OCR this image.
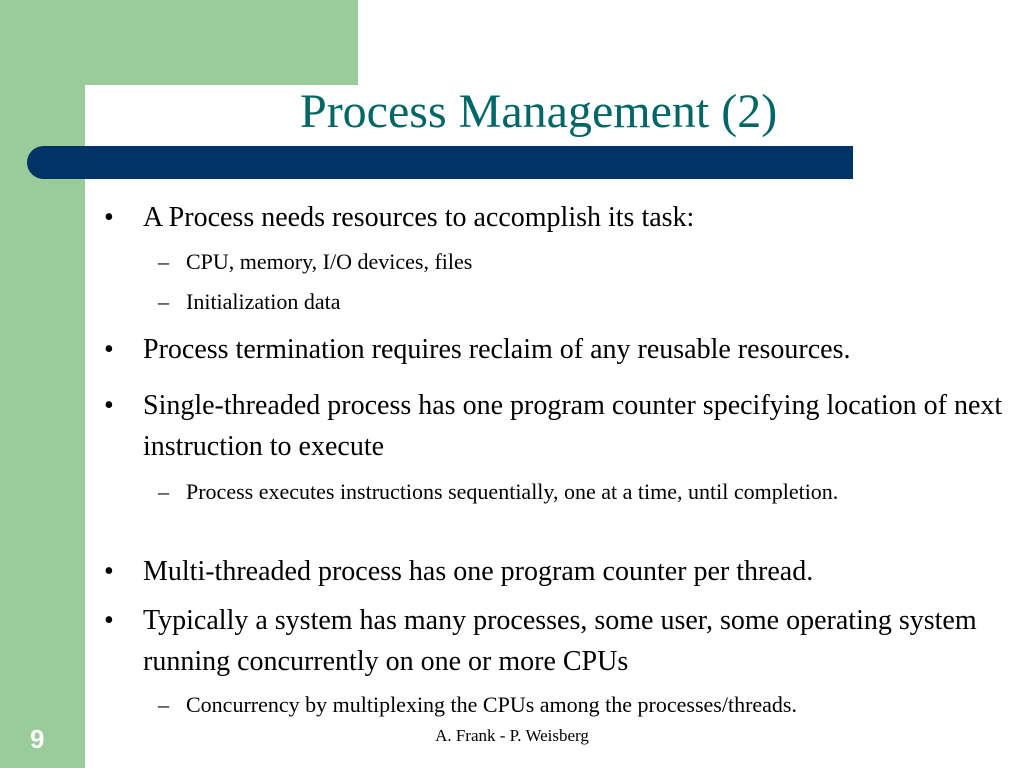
Process Management (2)
• A Process needs resources to accomplish its task:
– CPU, memory, I/O devices, files
– Initialization data
• Process termination requires reclaim of any reusable resources.
• Single-threaded process has one program counter specifying location of next instruction to execute
– Process executes instructions sequentially, one at a time, until completion.
• Multi-threaded process has one program counter per thread.
• Typically a system has many processes, some user, some operating system running concurrently on one or more CPUs
– Concurrency by multiplexing the CPUs among the processes/threads.
9	A. Frank - P. Weisberg
